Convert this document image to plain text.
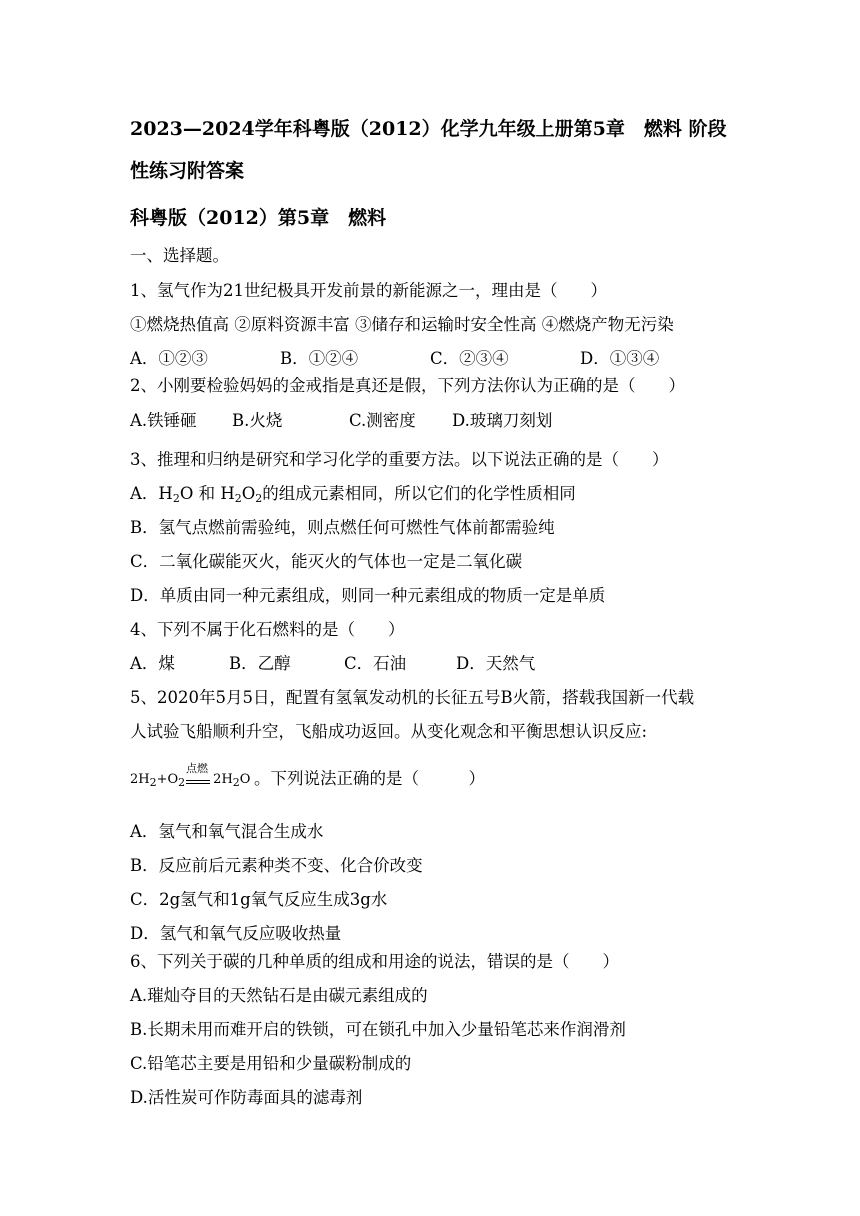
2023—2024学年科粤版（2012）化学九年级上册第5章　燃料 阶段
性练习附答案
科粤版（2012）第5章　燃料
一、选择题。
1、氢气作为21世纪极具开发前景的新能源之一，理由是（　　）
①燃烧热值高 ②原料资源丰富 ③储存和运输时安全性高 ④燃烧产物无污染
A．①②③	B．①②④	C．②③④	D．①③④
2、小刚要检验妈妈的金戒指是真还是假，下列方法你认为正确的是（　　）
A.铁锤砸 B.火烧	C.测密度 D.玻璃刀刻划
3、推理和归纳是研究和学习化学的重要方法。以下说法正确的是（　　）
A．$H_2O$ 和 $H_2O_2$的组成元素相同，所以它们的化学性质相同
B．氢气点燃前需验纯，则点燃任何可燃性气体前都需验纯
C．二氧化碳能灭火，能灭火的气体也一定是二氧化碳
D．单质由同一种元素组成，则同一种元素组成的物质一定是单质
4、下列不属于化石燃料的是（　　）
A．煤	B．乙醇	C．石油	D．天然气
5、2020年5月5日，配置有氢氧发动机的长征五号B火箭，搭载我国新一代载
人试验飞船顺利升空，飞船成功返回。从变化观念和平衡思想认识反应:
$2H_2+O_2$ $2H_2O$
点燃
。下列说法正确的是（　　　）
A．氢气和氧气混合生成水
B．反应前后元素种类不变、化合价改变
C．2g氢气和1g氧气反应生成3g水
D．氢气和氧气反应吸收热量
6、下列关于碳的几种单质的组成和用途的说法，错误的是（　　）
A.璀灿夺目的天然钻石是由碳元素组成的
B.长期未用而难开启的铁锁，可在锁孔中加入少量铅笔芯来作润滑剂
C.铅笔芯主要是用铅和少量碳粉制成的
D.活性炭可作防毒面具的滤毒剂
